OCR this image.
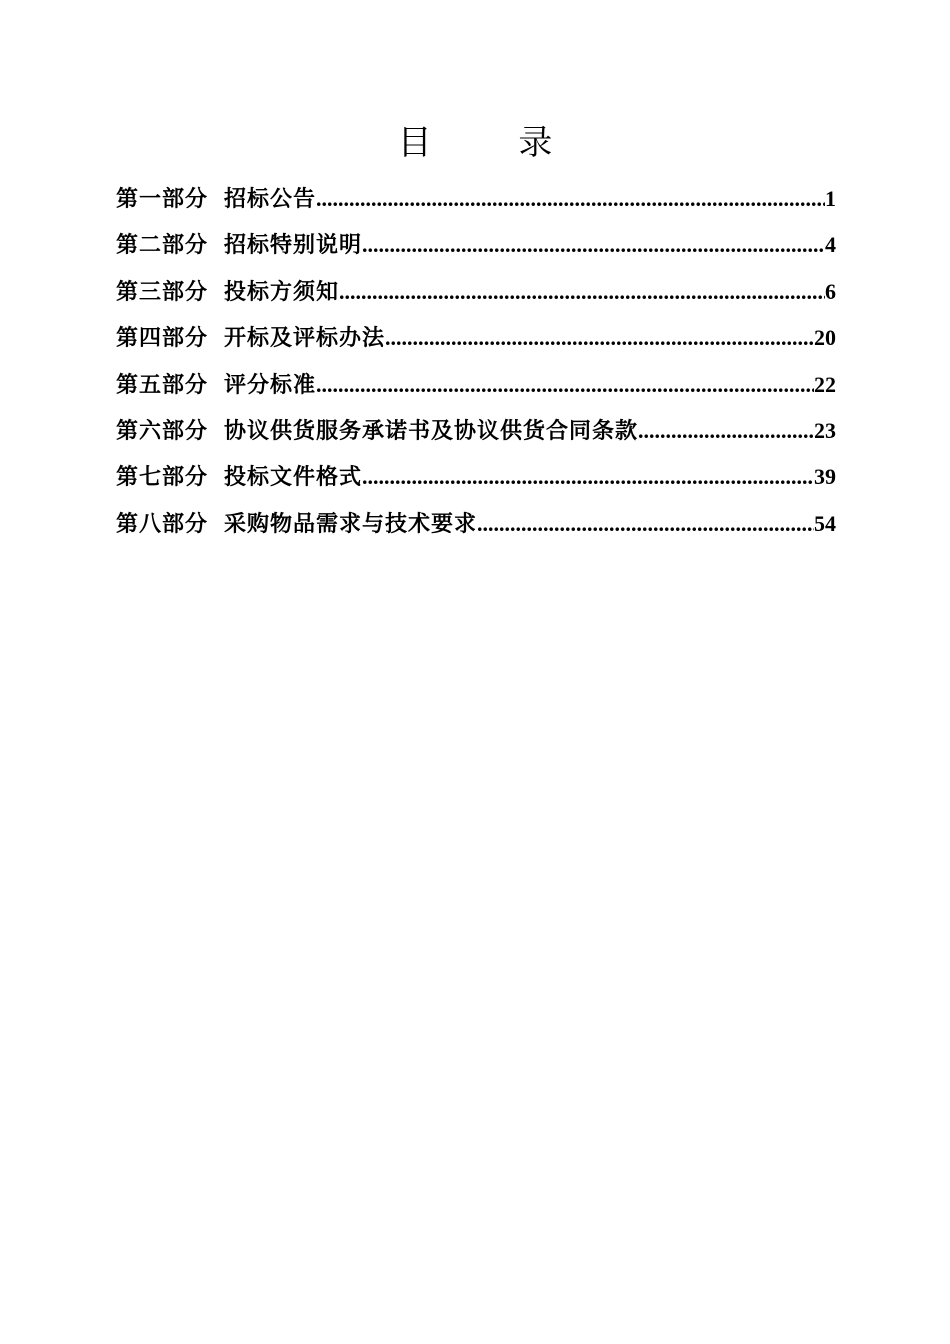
目 录
第一部分 招标公告 .....	1
第二部分 招标特别说明 .....	4
第三部分 投标方须知 .....	6
第四部分 开标及评标办法 .....	20
第五部分 评分标准 .....	22
第六部分 协议供货服务承诺书及协议供货合同条款 .....	23
第七部分 投标文件格式 .....	39
第八部分 采购物品需求与技术要求 .....	54
